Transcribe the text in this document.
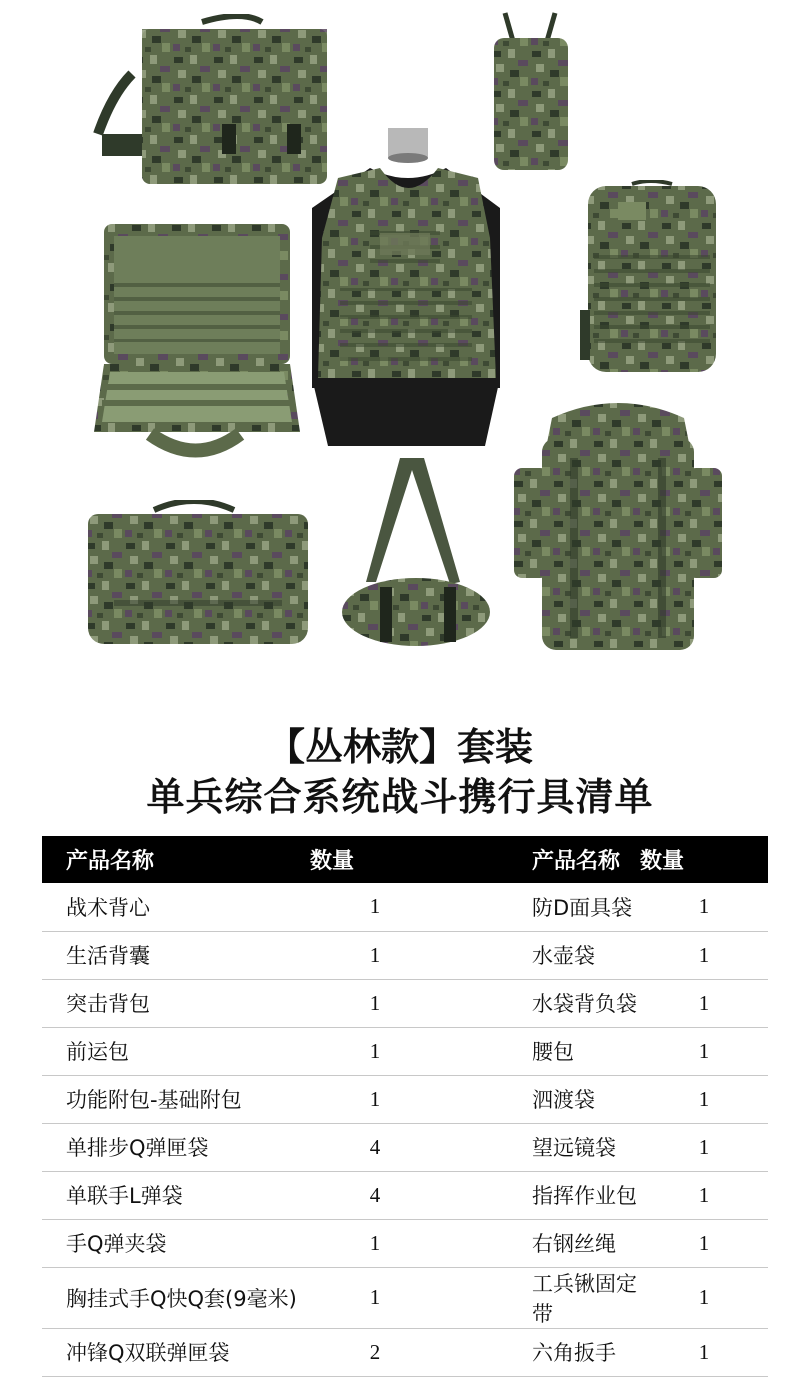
【丛林款】套装
单兵综合系统战斗携行具清单
产品名称	数量	产品名称	数量
战术背心	1	防D面具袋	1
生活背囊	1	水壶袋	1
突击背包	1	水袋背负袋	1
前运包	1	腰包	1
功能附包-基础附包	1	泗渡袋	1
单排步Q弹匣袋	4	望远镜袋	1
单联手L弹袋	4	指挥作业包	1
手Q弹夹袋	1	右钢丝绳	1
胸挂式手Q快Q套(9毫米)	1	工兵锹固定带	1
冲锋Q双联弹匣袋	2	六角扳手	1
